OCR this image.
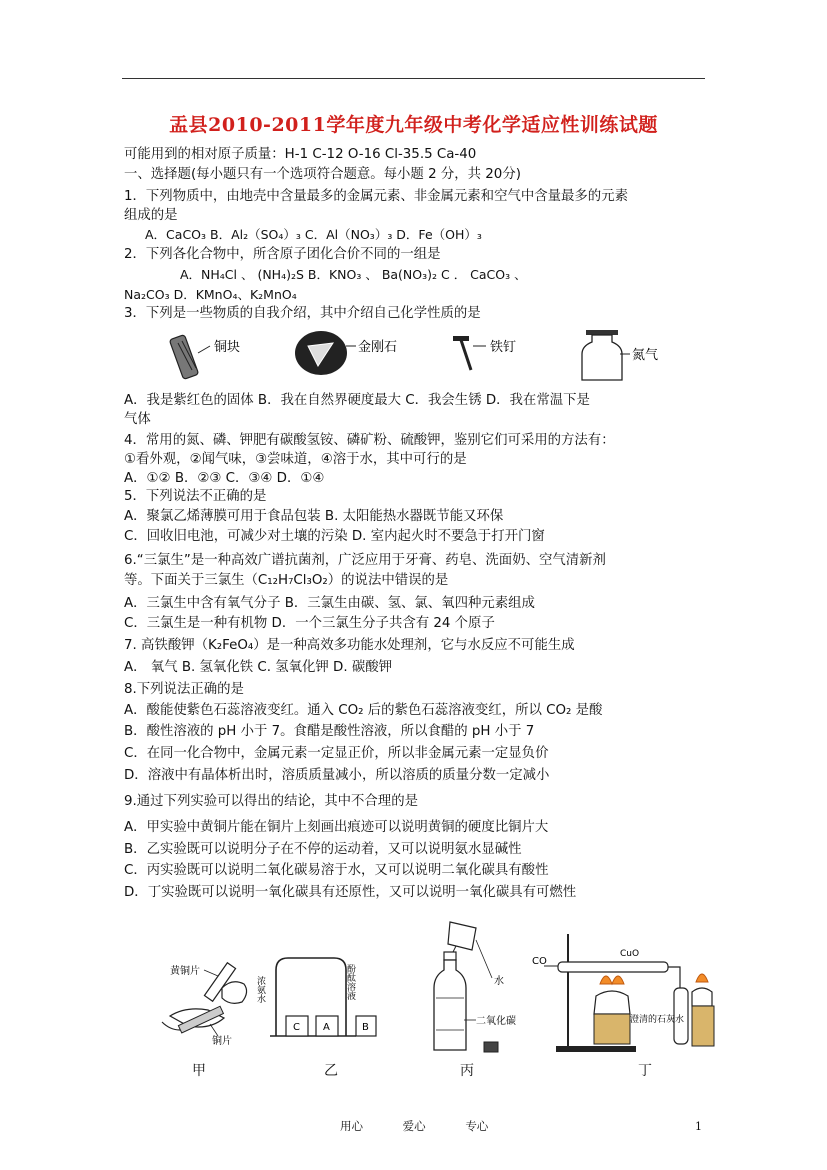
盂县2010-2011学年度九年级中考化学适应性训练试题
可能用到的相对原子质量：H-1 C-12 O-16 Cl-35.5 Ca-40
一、选择题(每小题只有一个选项符合题意。每小题 2 分，共 20分)
1．下列物质中，由地壳中含量最多的金属元素、非金属元素和空气中含量最多的元素
组成的是
A．CaCO₃ B．Al₂（SO₄）₃ C．Al（NO₃）₃ D．Fe（OH）₃
2．下列各化合物中，所含原子团化合价不同的一组是
A．NH₄Cl 、 (NH₄)₂S B．KNO₃ 、 Ba(NO₃)₂ C ． CaCO₃ 、
Na₂CO₃ D．KMnO₄、K₂MnO₄
3．下列是一些物质的自我介绍，其中介绍自己化学性质的是
铜块	金刚石	铁钉
氮气
A．我是紫红色的固体 B．我在自然界硬度最大 C．我会生锈 D．我在常温下是
气体
4．常用的氮、磷、钾肥有碳酸氢铵、磷矿粉、硫酸钾，鉴别它们可采用的方法有：
①看外观，②闻气味，③尝味道，④溶于水，其中可行的是
A．①② B．②③ C．③④ D．①④
5．下列说法不正确的是
A．聚氯乙烯薄膜可用于食品包装 B. 太阳能热水器既节能又环保
C．回收旧电池，可减少对土壤的污染 D. 室内起火时不要急于打开门窗
6.“三氯生”是一种高效广谱抗菌剂，广泛应用于牙膏、药皂、洗面奶、空气清新剂
等。下面关于三氯生（C₁₂H₇Cl₃O₂）的说法中错误的是
A．三氯生中含有氧气分子 B．三氯生由碳、氢、氯、氧四种元素组成
C．三氯生是一种有机物 D．一个三氯生分子共含有 24 个原子
7. 高铁酸钾（K₂FeO₄）是一种高效多功能水处理剂，它与水反应不可能生成
A． 氧气 B. 氢氧化铁 C. 氢氧化钾 D. 碳酸钾
8.下列说法正确的是
A．酸能使紫色石蕊溶液变红。通入 CO₂ 后的紫色石蕊溶液变红，所以 CO₂ 是酸
B．酸性溶液的 pH 小于 7。食醋是酸性溶液，所以食醋的 pH 小于 7
C．在同一化合物中，金属元素一定显正价，所以非金属元素一定显负价
D．溶液中有晶体析出时，溶质质量减小，所以溶质的质量分数一定减小
9.通过下列实验可以得出的结论，其中不合理的是
A．甲实验中黄铜片能在铜片上刻画出痕迹可以说明黄铜的硬度比铜片大
B．乙实验既可以说明分子在不停的运动着，又可以说明氨水显碱性
C．丙实验既可以说明二氧化碳易溶于水，又可以说明二氧化碳具有酸性
D．丁实验既可以说明一氧化碳具有还原性，又可以说明一氧化碳具有可燃性
黄铜片
铜片
浓氨水	酚酞溶液
C A	B
水
二氧化碳
CO
CuO
澄清的石灰水
甲	乙	丙	丁
用心	爱心	专心	1
